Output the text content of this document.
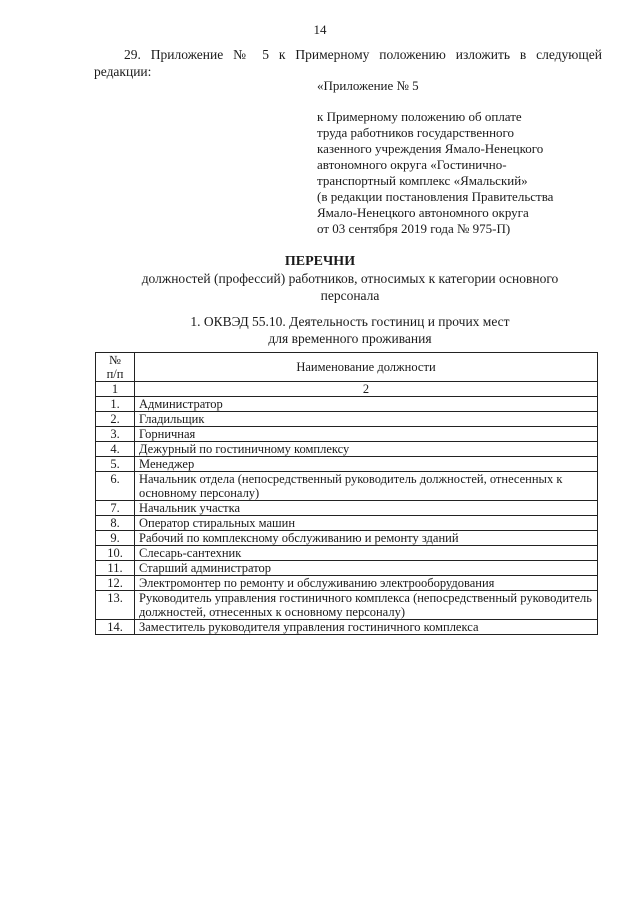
14
29. Приложение № 5 к Примерному положению изложить в следующей
редакции:
«Приложение № 5
к Примерному положению об оплате
труда работников государственного
казенного учреждения Ямало-Ненецкого
автономного округа «Гостинично-
транспортный комплекс «Ямальский»
(в редакции постановления Правительства
Ямало-Ненецкого автономного округа
от 03 сентября 2019 года № 975-П)
ПЕРЕЧНИ
должностей (профессий) работников, относимых к категории основного
персонала
1. ОКВЭД 55.10. Деятельность гостиниц и прочих мест
для временного проживания
№
п/п	Наименование должности
1	2
1.	Администратор
2.	Гладильщик
3.	Горничная
4.	Дежурный по гостиничному комплексу
5.	Менеджер
6.	Начальник отдела (непосредственный руководитель должностей, отнесенных к основному персоналу)
7.	Начальник участка
8.	Оператор стиральных машин
9.	Рабочий по комплексному обслуживанию и ремонту зданий
10.	Слесарь-сантехник
11.	Старший администратор
12.	Электромонтер по ремонту и обслуживанию электрооборудования
13.	Руководитель управления гостиничного комплекса (непосредственный руководитель должностей, отнесенных к основному персоналу)
14.	Заместитель руководителя управления гостиничного комплекса
